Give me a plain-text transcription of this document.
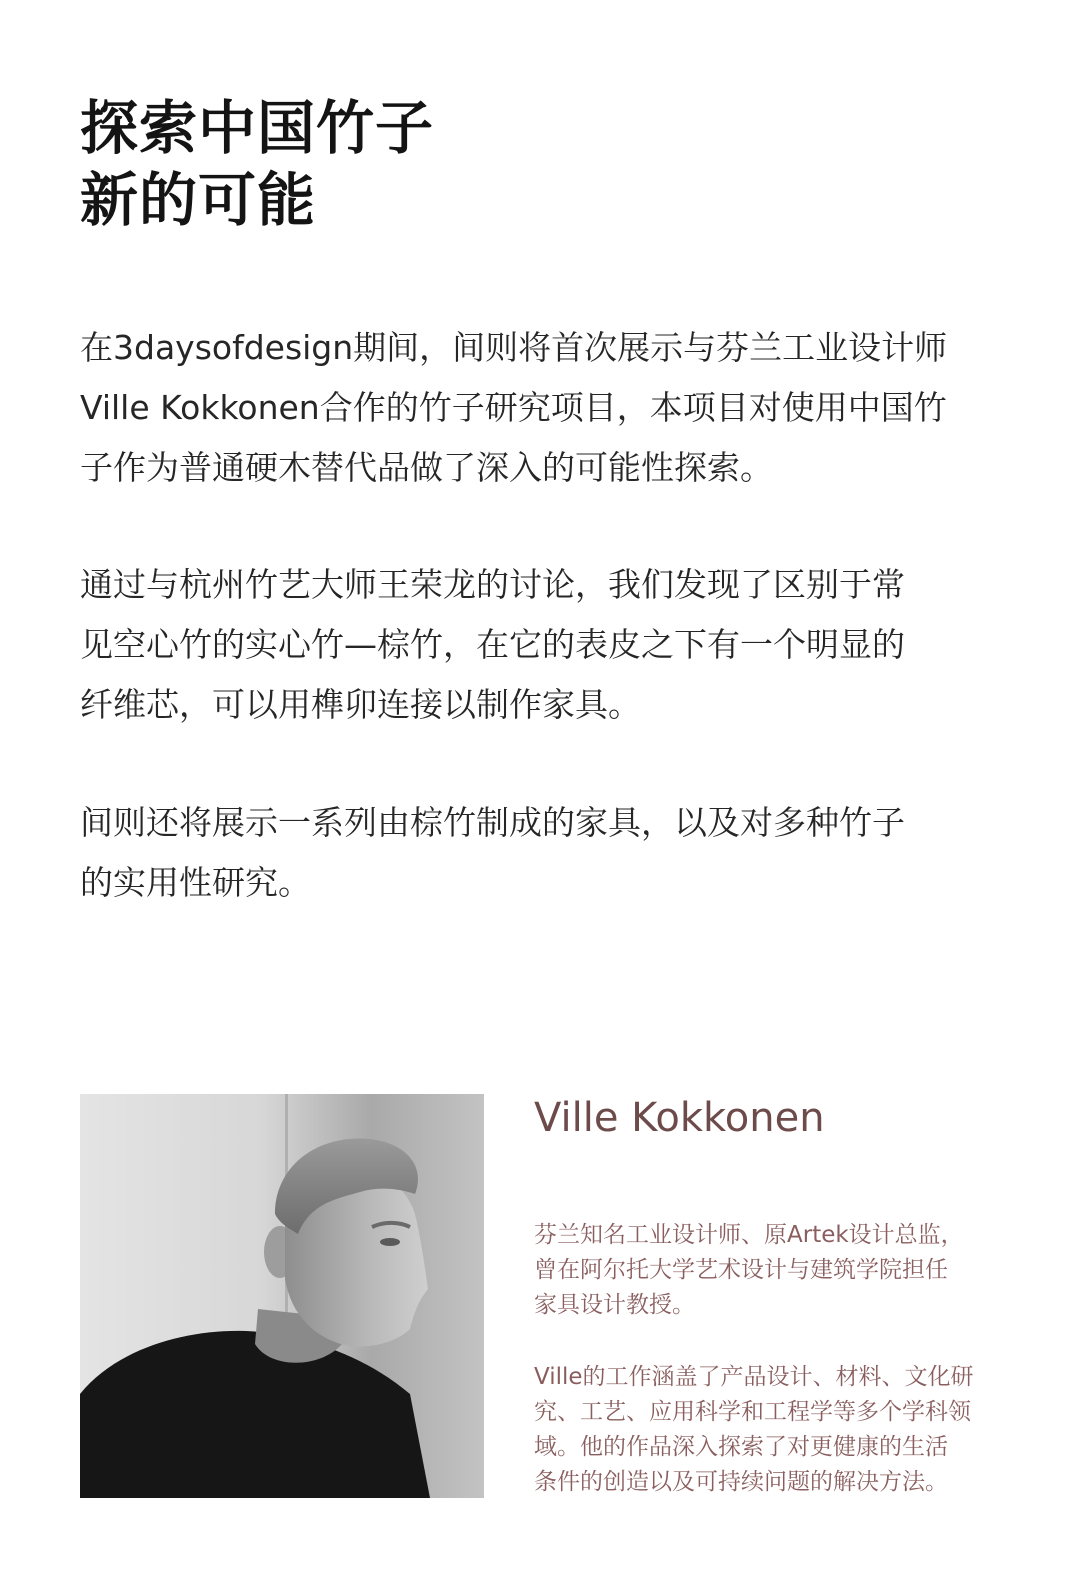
探索中国竹子
新的可能

在3daysofdesign期间，间则将首次展示与芬兰工业设计师
Ville Kokkonen合作的竹子研究项目，本项目对使用中国竹
子作为普通硬木替代品做了深入的可能性探索。

通过与杭州竹艺大师王荣龙的讨论，我们发现了区别于常
见空心竹的实心竹—棕竹，在它的表皮之下有一个明显的
纤维芯，可以用榫卯连接以制作家具。

间则还将展示一系列由棕竹制成的家具，以及对多种竹子
的实用性研究。

Ville Kokkonen

芬兰知名工业设计师、原Artek设计总监，
曾在阿尔托大学艺术设计与建筑学院担任
家具设计教授。

Ville的工作涵盖了产品设计、材料、文化研
究、工艺、应用科学和工程学等多个学科领
域。他的作品深入探索了对更健康的生活
条件的创造以及可持续问题的解决方法。
